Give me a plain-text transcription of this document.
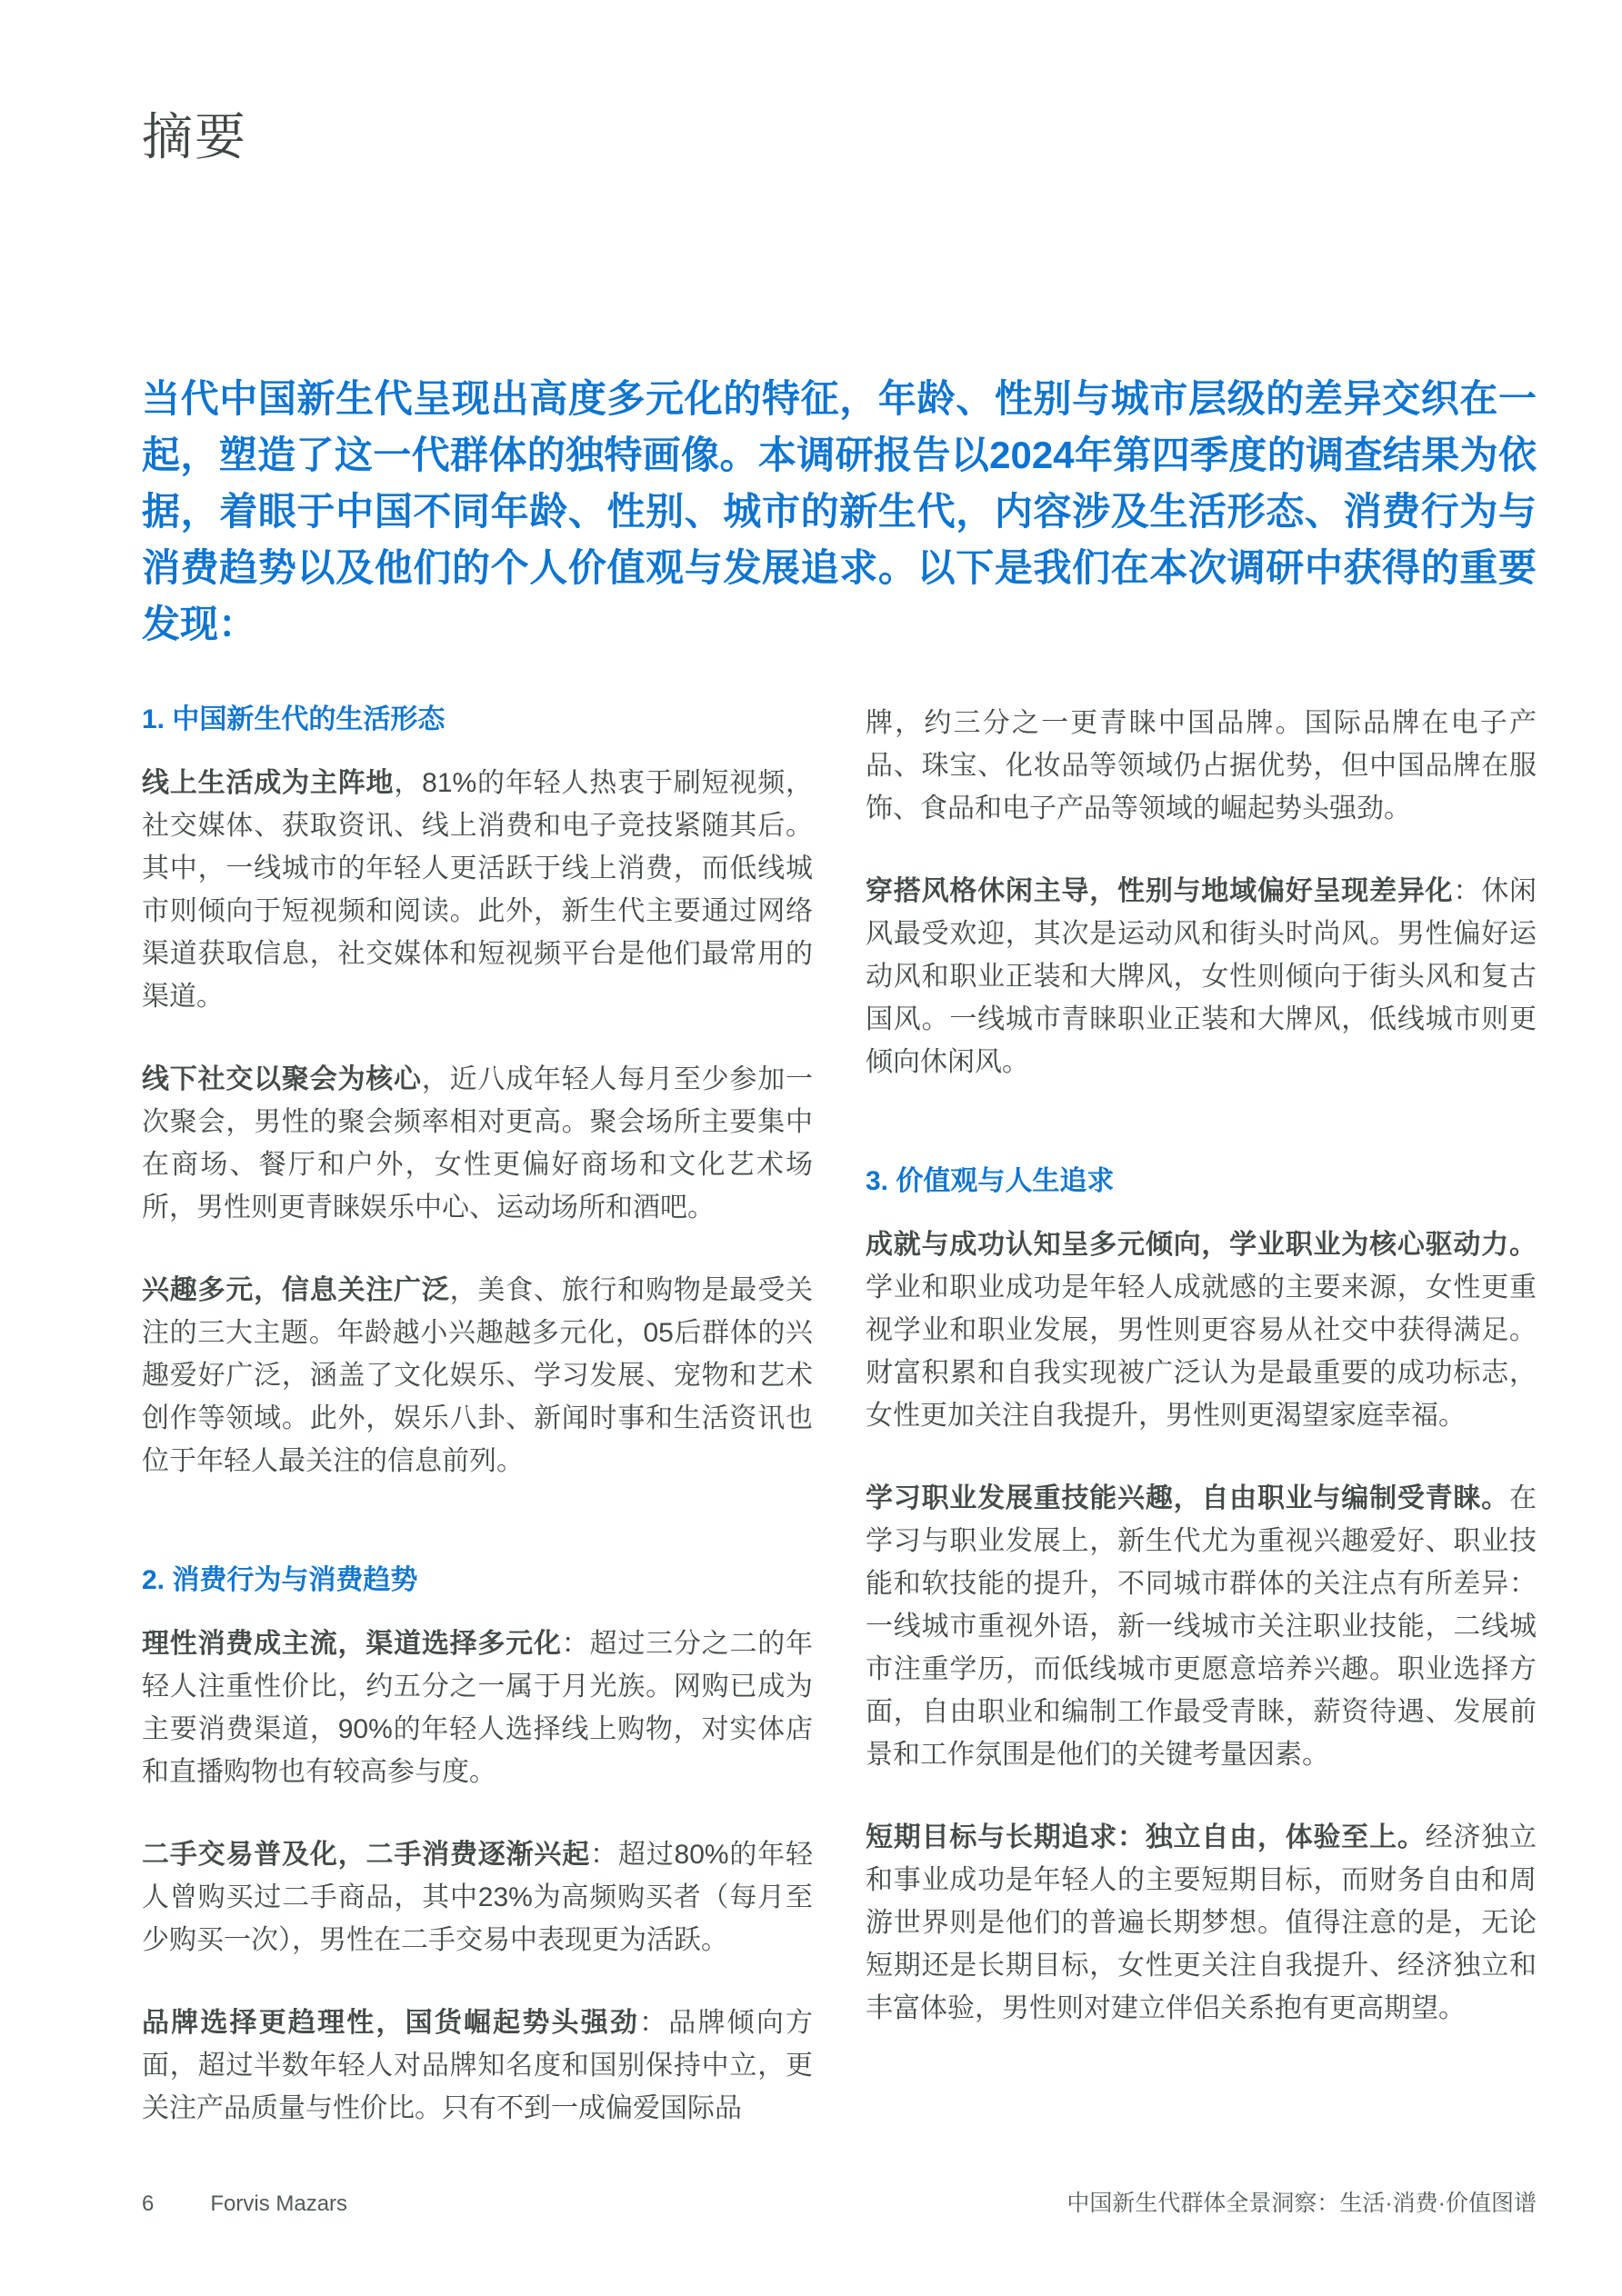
摘要

当代中国新生代呈现出高度多元化的特征，年龄、性别与城市层级的差异交织在一起，塑造了这一代群体的独特画像。本调研报告以2024年第四季度的调查结果为依据，着眼于中国不同年龄、性别、城市的新生代，内容涉及生活形态、消费行为与消费趋势以及他们的个人价值观与发展追求。以下是我们在本次调研中获得的重要发现：

1. 中国新生代的生活形态

线上生活成为主阵地，81%的年轻人热衷于刷短视频，社交媒体、获取资讯、线上消费和电子竞技紧随其后。其中，一线城市的年轻人更活跃于线上消费，而低线城市则倾向于短视频和阅读。此外，新生代主要通过网络渠道获取信息，社交媒体和短视频平台是他们最常用的渠道。

线下社交以聚会为核心，近八成年轻人每月至少参加一次聚会，男性的聚会频率相对更高。聚会场所主要集中在商场、餐厅和户外，女性更偏好商场和文化艺术场所，男性则更青睐娱乐中心、运动场所和酒吧。

兴趣多元，信息关注广泛，美食、旅行和购物是最受关注的三大主题。年龄越小兴趣越多元化，05后群体的兴趣爱好广泛，涵盖了文化娱乐、学习发展、宠物和艺术创作等领域。此外，娱乐八卦、新闻时事和生活资讯也位于年轻人最关注的信息前列。

2. 消费行为与消费趋势

理性消费成主流，渠道选择多元化：超过三分之二的年轻人注重性价比，约五分之一属于月光族。网购已成为主要消费渠道，90%的年轻人选择线上购物，对实体店和直播购物也有较高参与度。

二手交易普及化，二手消费逐渐兴起：超过80%的年轻人曾购买过二手商品，其中23%为高频购买者（每月至少购买一次），男性在二手交易中表现更为活跃。

品牌选择更趋理性，国货崛起势头强劲：品牌倾向方面，超过半数年轻人对品牌知名度和国别保持中立，更关注产品质量与性价比。只有不到一成偏爱国际品

牌，约三分之一更青睐中国品牌。国际品牌在电子产品、珠宝、化妆品等领域仍占据优势，但中国品牌在服饰、食品和电子产品等领域的崛起势头强劲。

穿搭风格休闲主导，性别与地域偏好呈现差异化：休闲风最受欢迎，其次是运动风和街头时尚风。男性偏好运动风和职业正装和大牌风，女性则倾向于街头风和复古国风。一线城市青睐职业正装和大牌风，低线城市则更倾向休闲风。

3. 价值观与人生追求

成就与成功认知呈多元倾向，学业职业为核心驱动力。学业和职业成功是年轻人成就感的主要来源，女性更重视学业和职业发展，男性则更容易从社交中获得满足。财富积累和自我实现被广泛认为是最重要的成功标志，女性更加关注自我提升，男性则更渴望家庭幸福。

学习职业发展重技能兴趣，自由职业与编制受青睐。在学习与职业发展上，新生代尤为重视兴趣爱好、职业技能和软技能的提升，不同城市群体的关注点有所差异：一线城市重视外语，新一线城市关注职业技能，二线城市注重学历，而低线城市更愿意培养兴趣。职业选择方面，自由职业和编制工作最受青睐，薪资待遇、发展前景和工作氛围是他们的关键考量因素。

短期目标与长期追求：独立自由，体验至上。经济独立和事业成功是年轻人的主要短期目标，而财务自由和周游世界则是他们的普遍长期梦想。值得注意的是，无论短期还是长期目标，女性更关注自我提升、经济独立和丰富体验，男性则对建立伴侣关系抱有更高期望。

6	Forvis Mazars	中国新生代群体全景洞察：生活·消费·价值图谱
